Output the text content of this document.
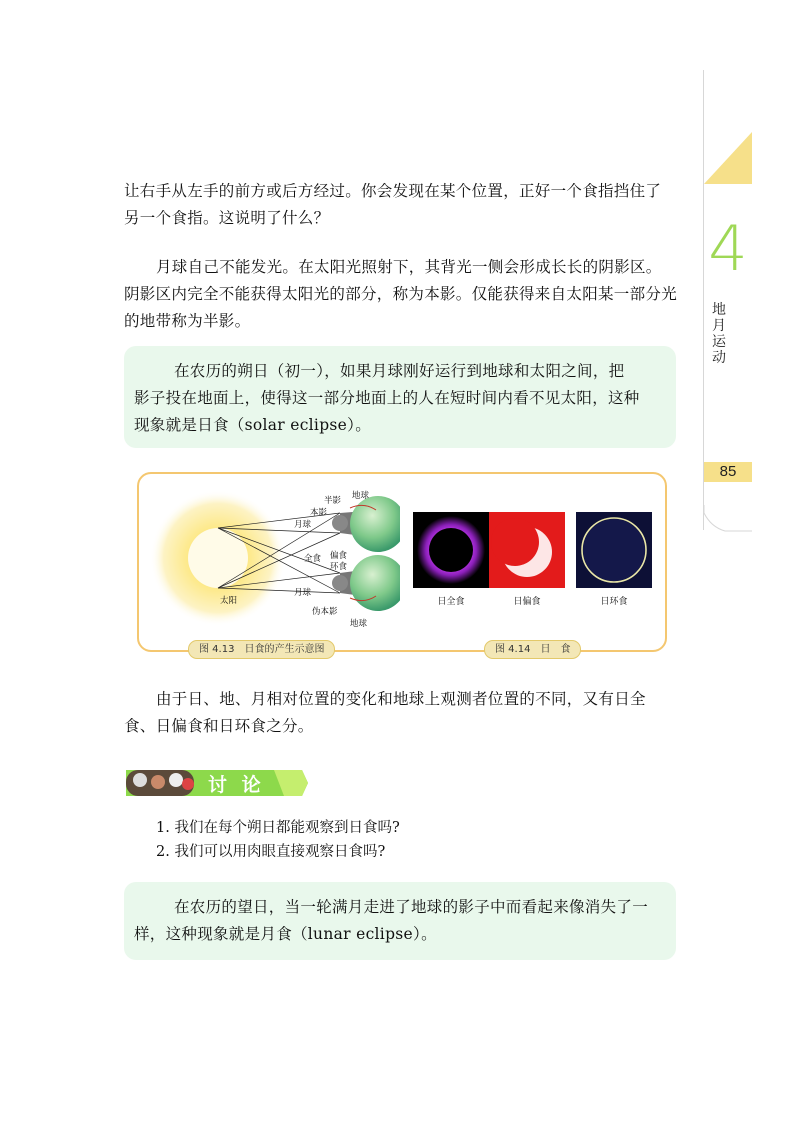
4
地月运动
85
让右手从左手的前方或后方经过。你会发现在某个位置，正好一个食指挡住了
另一个食指。这说明了什么？
月球自己不能发光。在太阳光照射下，其背光一侧会形成长长的阴影区。
阴影区内完全不能获得太阳光的部分，称为本影。仅能获得来自太阳某一部分光
的地带称为半影。
在农历的朔日（初一），如果月球刚好运行到地球和太阳之间，把
影子投在地面上，使得这一部分地面上的人在短时间内看不见太阳，这种
现象就是日食（solar eclipse）。
太阳
月球
月球
本影
半影 地球
地球
全食 偏食
环食
伪本影
日全食	日偏食	日环食
图 4.13　日食的产生示意图	图 4.14　日　食
由于日、地、月相对位置的变化和地球上观测者位置的不同，又有日全
食、日偏食和日环食之分。
讨 论
1. 我们在每个朔日都能观察到日食吗?
2. 我们可以用肉眼直接观察日食吗?
在农历的望日，当一轮满月走进了地球的影子中而看起来像消失了一
样，这种现象就是月食（lunar eclipse）。
